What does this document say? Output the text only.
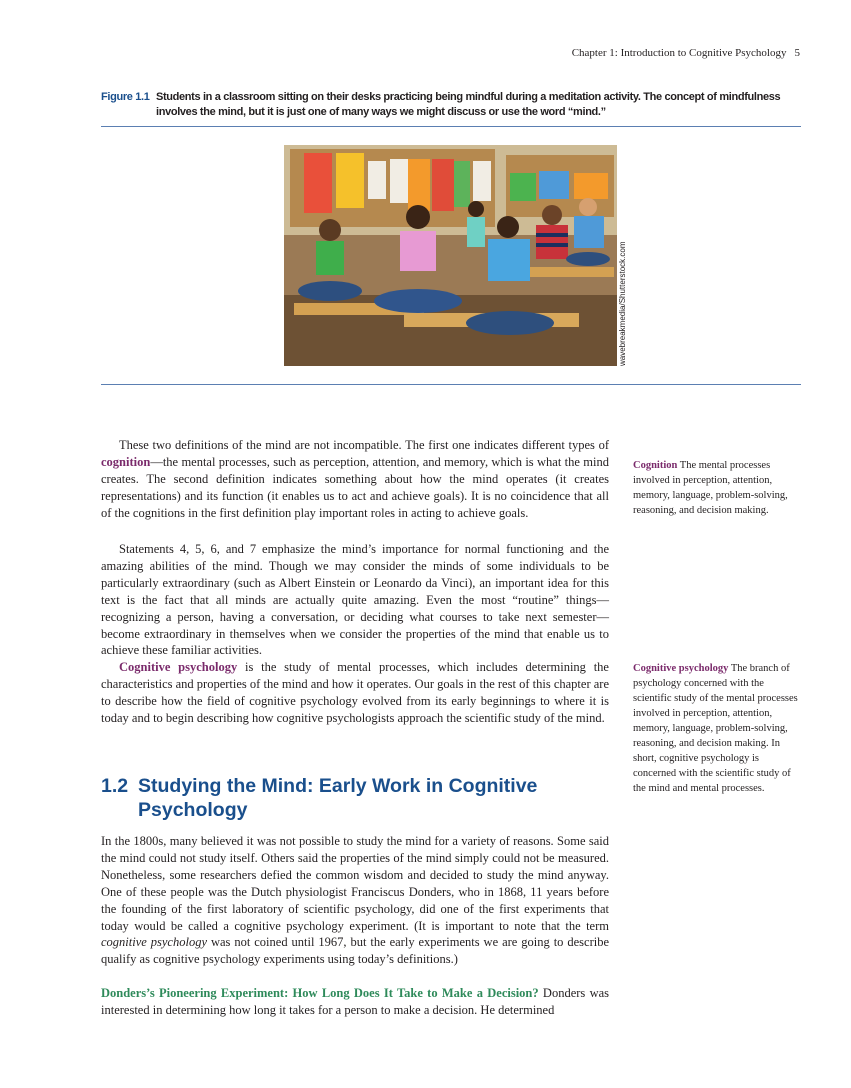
Chapter 1: Introduction to Cognitive Psychology 5
Figure 1.1 Students in a classroom sitting on their desks practicing being mindful during a meditation activity. The concept of mindfulness involves the mind, but it is just one of many ways we might discuss or use the word “mind.”
wavebreakmedia/Shutterstock.com

These two definitions of the mind are not incompatible. The first one indicates different types of cognition—the mental processes, such as perception, attention, and memory, which is what the mind creates. The second definition indicates something about how the mind operates (it creates representations) and its function (it enables us to act and achieve goals). It is no coincidence that all of the cognitions in the first definition play important roles in acting to achieve goals.

Statements 4, 5, 6, and 7 emphasize the mind’s importance for normal functioning and the amazing abilities of the mind. Though we may consider the minds of some individuals to be particularly extraordinary (such as Albert Einstein or Leonardo da Vinci), an important idea for this text is the fact that all minds are actually quite amazing. Even the most “routine” things—recognizing a person, having a conversation, or deciding what courses to take next semester—become extraordinary in themselves when we consider the properties of the mind that enable us to achieve these familiar activities.

Cognitive psychology is the study of mental processes, which includes determining the characteristics and properties of the mind and how it operates. Our goals in the rest of this chapter are to describe how the field of cognitive psychology evolved from its early beginnings to where it is today and to begin describing how cognitive psychologists approach the scientific study of the mind.

1.2 Studying the Mind: Early Work in Cognitive Psychology

In the 1800s, many believed it was not possible to study the mind for a variety of reasons. Some said the mind could not study itself. Others said the properties of the mind simply could not be measured. Nonetheless, some researchers defied the common wisdom and decided to study the mind anyway. One of these people was the Dutch physiologist Franciscus Donders, who in 1868, 11 years before the founding of the first laboratory of scientific psychology, did one of the first experiments that today would be called a cognitive psychology experiment. (It is important to note that the term cognitive psychology was not coined until 1967, but the early experiments we are going to describe qualify as cognitive psychology experiments using today’s definitions.)

Donders’s Pioneering Experiment: How Long Does It Take to Make a Decision? Donders was interested in determining how long it takes for a person to make a decision. He determined

Cognition The mental processes involved in perception, attention, memory, language, problem-solving, reasoning, and decision making.
Cognitive psychology The branch of psychology concerned with the scientific study of the mental processes involved in perception, attention, memory, language, problem-solving, reasoning, and decision making. In short, cognitive psychology is concerned with the scientific study of the mind and mental processes.
